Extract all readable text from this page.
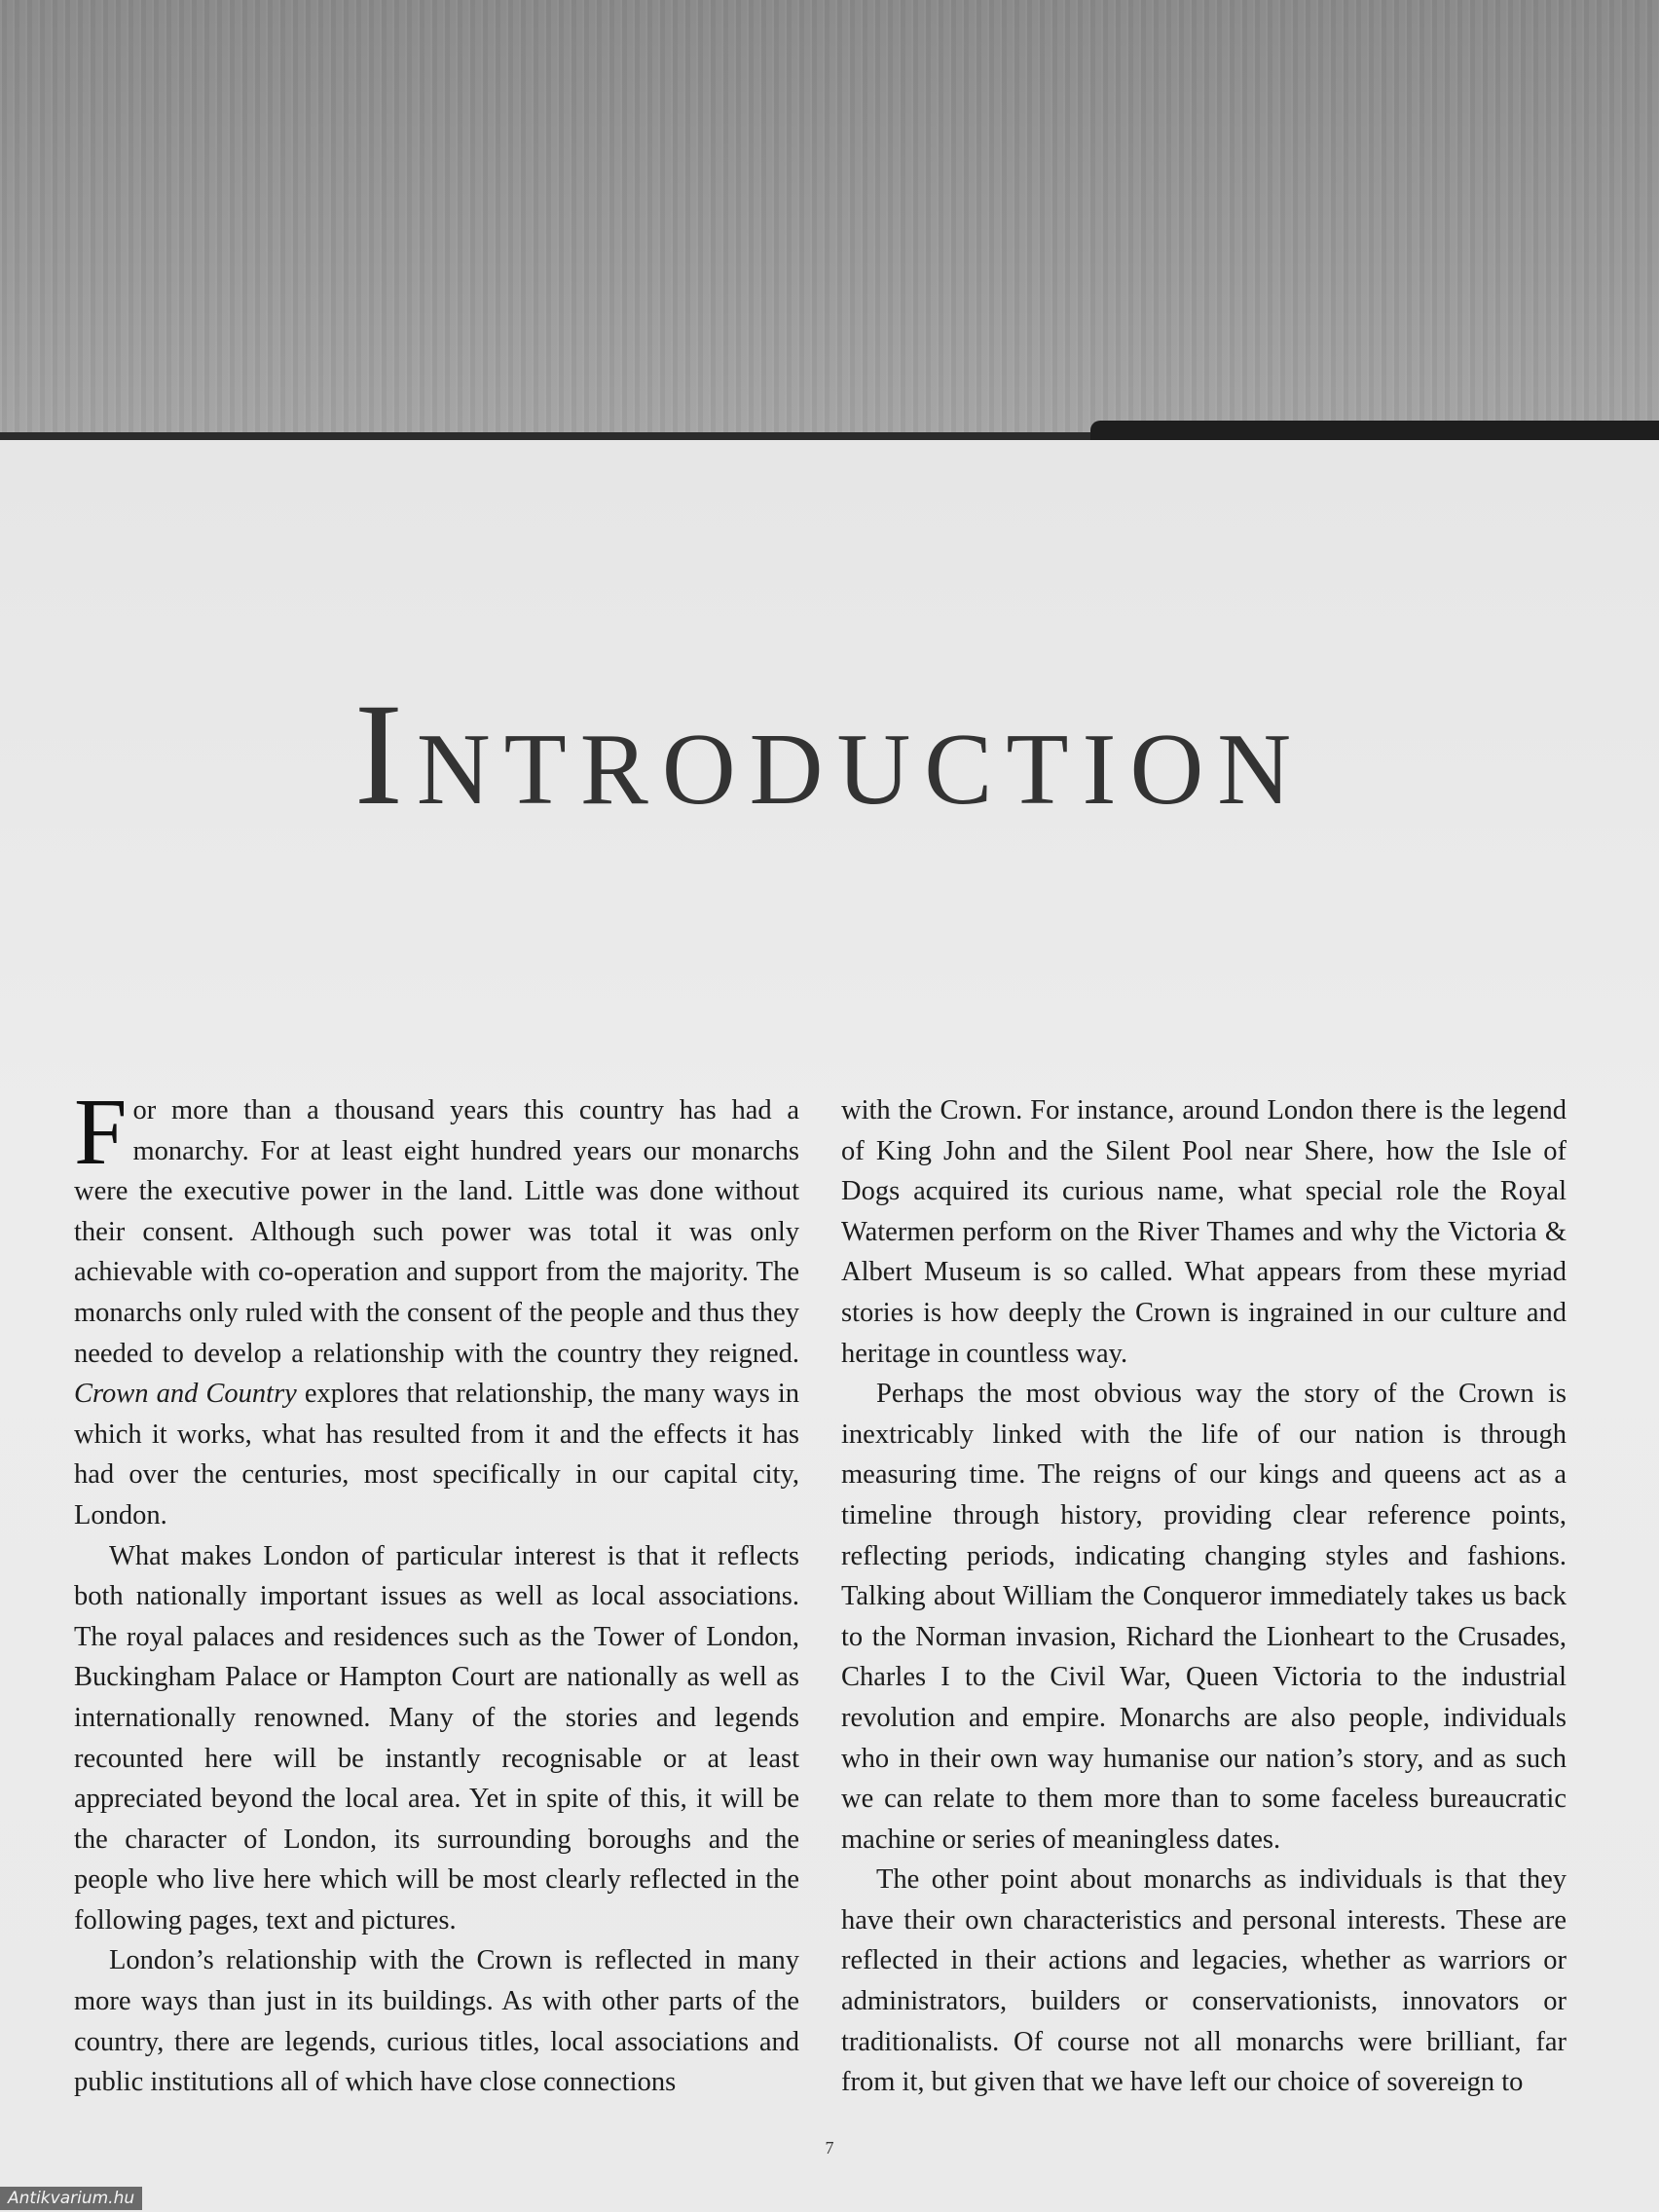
Introduction

For more than a thousand years this country has had a monarchy. For at least eight hundred years our monarchs were the executive power in the land. Little was done without their consent. Although such power was total it was only achievable with co-operation and support from the majority. The monarchs only ruled with the consent of the people and thus they needed to develop a relationship with the country they reigned. Crown and Country explores that relationship, the many ways in which it works, what has resulted from it and the effects it has had over the centuries, most specifically in our capital city, London.

What makes London of particular interest is that it reflects both nationally important issues as well as local associations. The royal palaces and residences such as the Tower of London, Buckingham Palace or Hampton Court are nationally as well as internationally renowned. Many of the stories and legends recounted here will be instantly recognisable or at least appreciated beyond the local area. Yet in spite of this, it will be the character of London, its surrounding boroughs and the people who live here which will be most clearly reflected in the following pages, text and pictures.

London’s relationship with the Crown is reflected in many more ways than just in its buildings. As with other parts of the country, there are legends, curious titles, local associations and public institutions all of which have close connections

with the Crown. For instance, around London there is the legend of King John and the Silent Pool near Shere, how the Isle of Dogs acquired its curious name, what special role the Royal Watermen perform on the River Thames and why the Victoria & Albert Museum is so called. What appears from these myriad stories is how deeply the Crown is ingrained in our culture and heritage in countless way.

Perhaps the most obvious way the story of the Crown is inextricably linked with the life of our nation is through measuring time. The reigns of our kings and queens act as a timeline through history, providing clear reference points, reflecting periods, indicating changing styles and fashions. Talking about William the Conqueror immediately takes us back to the Norman invasion, Richard the Lionheart to the Crusades, Charles I to the Civil War, Queen Victoria to the industrial revolution and empire. Monarchs are also people, individuals who in their own way humanise our nation’s story, and as such we can relate to them more than to some faceless bureaucratic machine or series of meaningless dates.

The other point about monarchs as individuals is that they have their own characteristics and personal interests. These are reflected in their actions and legacies, whether as warriors or administrators, builders or conservationists, innovators or traditionalists. Of course not all monarchs were brilliant, far from it, but given that we have left our choice of sovereign to

7
Antikvarium.hu
